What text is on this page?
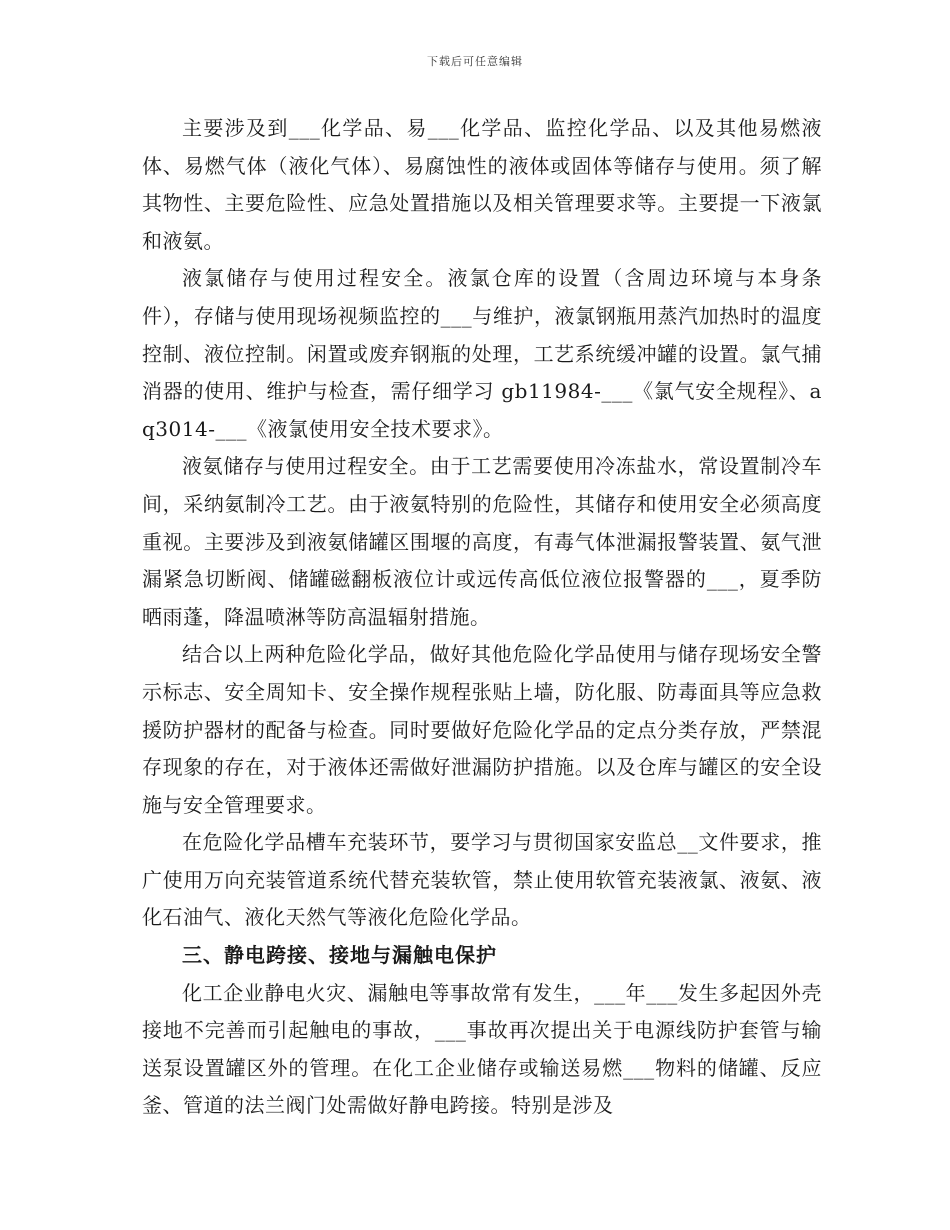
下载后可任意编辑

主要涉及到___化学品、易___化学品、监控化学品、以及其他易燃液体、易燃气体（液化气体）、易腐蚀性的液体或固体等储存与使用。须了解其物性、主要危险性、应急处置措施以及相关管理要求等。主要提一下液氯和液氨。

液氯储存与使用过程安全。液氯仓库的设置（含周边环境与本身条件），存储与使用现场视频监控的___与维护，液氯钢瓶用蒸汽加热时的温度控制、液位控制。闲置或废弃钢瓶的处理，工艺系统缓冲罐的设置。氯气捕消器的使用、维护与检查，需仔细学习 gb11984-___《氯气安全规程》、aq3014-___《液氯使用安全技术要求》。

液氨储存与使用过程安全。由于工艺需要使用冷冻盐水，常设置制冷车间，采纳氨制冷工艺。由于液氨特别的危险性，其储存和使用安全必须高度重视。主要涉及到液氨储罐区围堰的高度，有毒气体泄漏报警装置、氨气泄漏紧急切断阀、储罐磁翻板液位计或远传高低位液位报警器的___，夏季防晒雨蓬，降温喷淋等防高温辐射措施。

结合以上两种危险化学品，做好其他危险化学品使用与储存现场安全警示标志、安全周知卡、安全操作规程张贴上墙，防化服、防毒面具等应急救援防护器材的配备与检查。同时要做好危险化学品的定点分类存放，严禁混存现象的存在，对于液体还需做好泄漏防护措施。以及仓库与罐区的安全设施与安全管理要求。

在危险化学品槽车充装环节，要学习与贯彻国家安监总__文件要求，推广使用万向充装管道系统代替充装软管，禁止使用软管充装液氯、液氨、液化石油气、液化天然气等液化危险化学品。

三、静电跨接、接地与漏触电保护

化工企业静电火灾、漏触电等事故常有发生，___年___发生多起因外壳接地不完善而引起触电的事故，___事故再次提出关于电源线防护套管与输送泵设置罐区外的管理。在化工企业储存或输送易燃___物料的储罐、反应釜、管道的法兰阀门处需做好静电跨接。特别是涉及
